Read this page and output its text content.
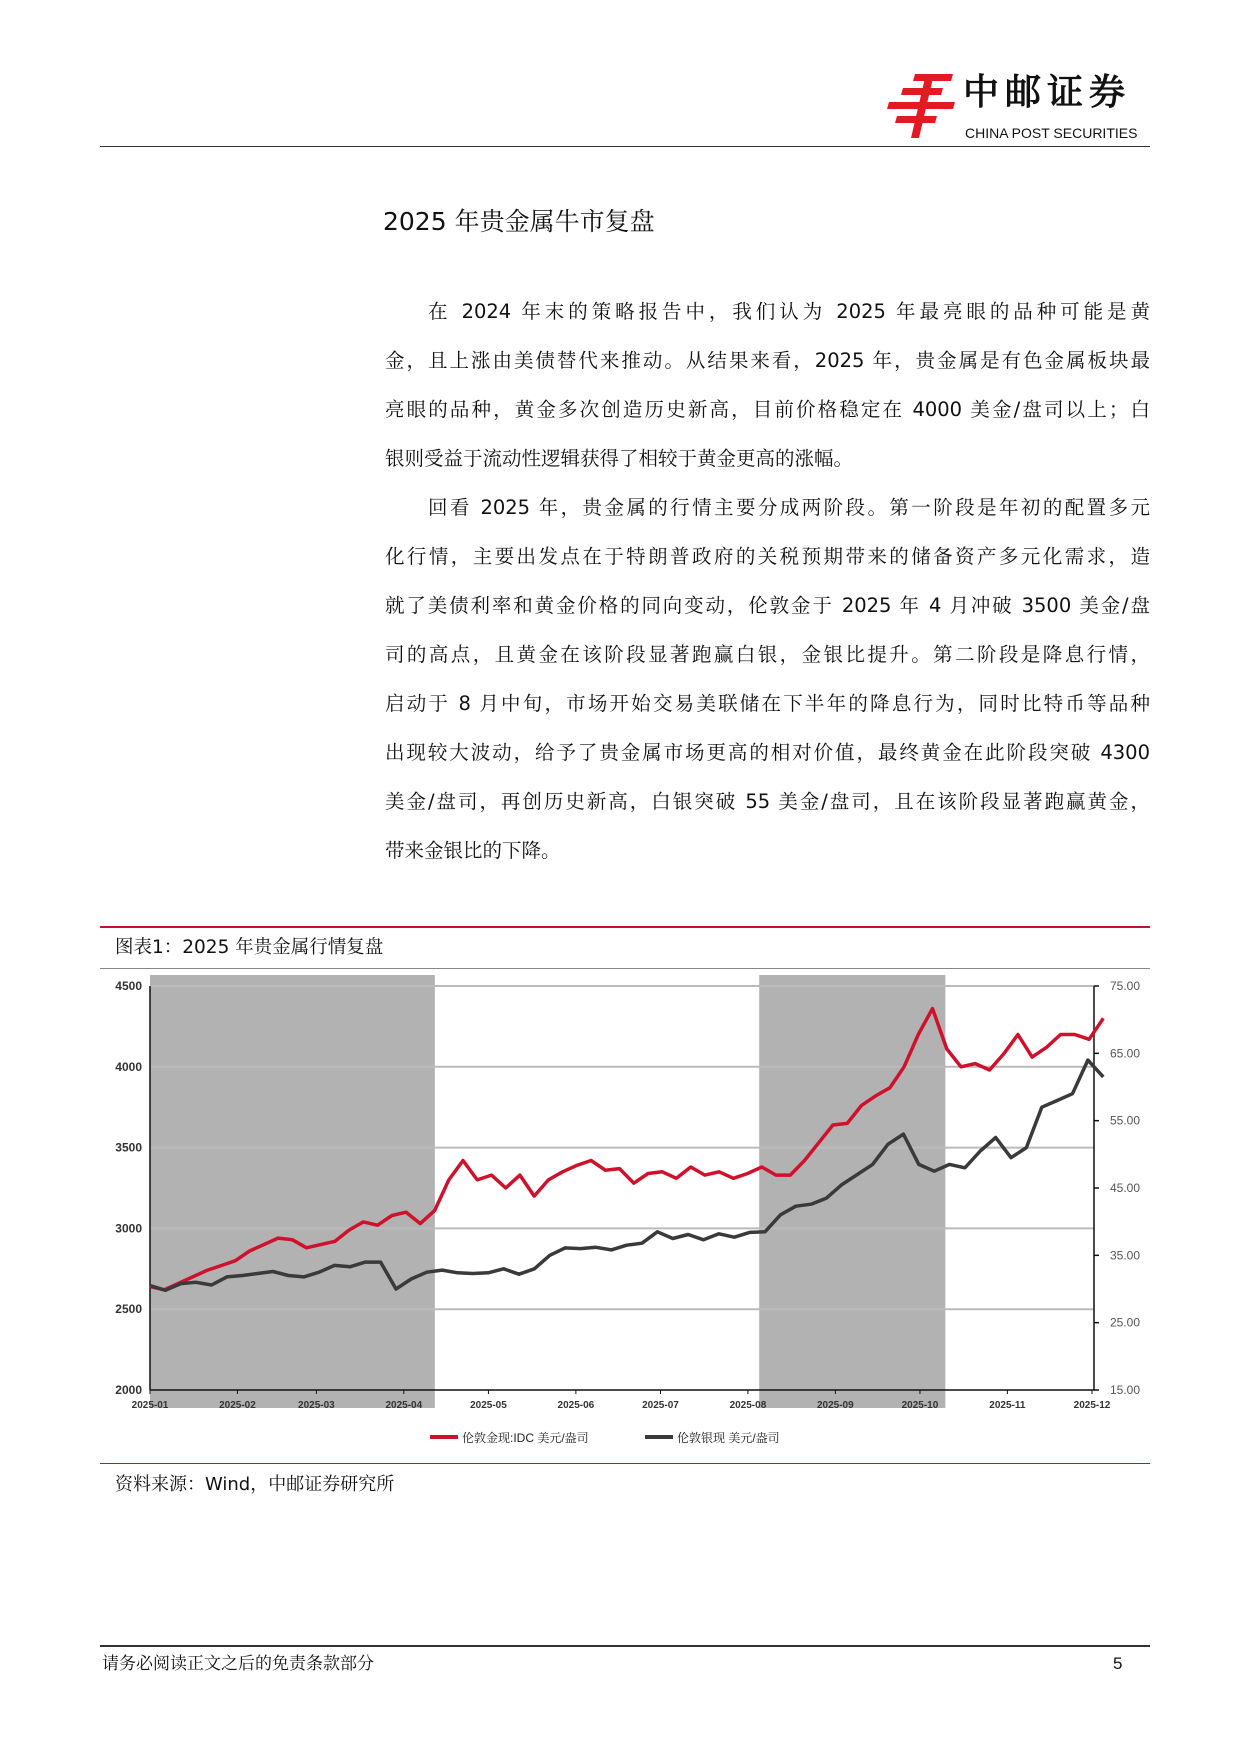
中邮证券
CHINA POST SECURITIES
2025 年贵金属牛市复盘
在 2024 年末的策略报告中，我们认为 2025 年最亮眼的品种可能是黄
金，且上涨由美债替代来推动。从结果来看，2025 年，贵金属是有色金属板块最
亮眼的品种，黄金多次创造历史新高，目前价格稳定在 4000 美金/盘司以上；白
银则受益于流动性逻辑获得了相较于黄金更高的涨幅。
回看 2025 年，贵金属的行情主要分成两阶段。第一阶段是年初的配置多元
化行情，主要出发点在于特朗普政府的关税预期带来的储备资产多元化需求，造
就了美债利率和黄金价格的同向变动，伦敦金于 2025 年 4 月冲破 3500 美金/盘
司的高点，且黄金在该阶段显著跑赢白银，金银比提升。第二阶段是降息行情，
启动于 8 月中旬，市场开始交易美联储在下半年的降息行为，同时比特币等品种
出现较大波动，给予了贵金属市场更高的相对价值，最终黄金在此阶段突破 4300
美金/盘司，再创历史新高，白银突破 55 美金/盘司，且在该阶段显著跑赢黄金，
带来金银比的下降。
图表1：2025 年贵金属行情复盘
2000
2500
3000
3500
4000
4500
15.00
25.00
35.00
45.00
55.00
65.00
75.00
2025-01	2025-02	2025-03	2025-04	2025-05	2025-06	2025-07	2025-08	2025-09	2025-10	2025-11	2025-12
伦敦金现:IDC 美元/盎司	伦敦银现 美元/盎司
资料来源：Wind，中邮证券研究所
请务必阅读正文之后的免责条款部分	5
